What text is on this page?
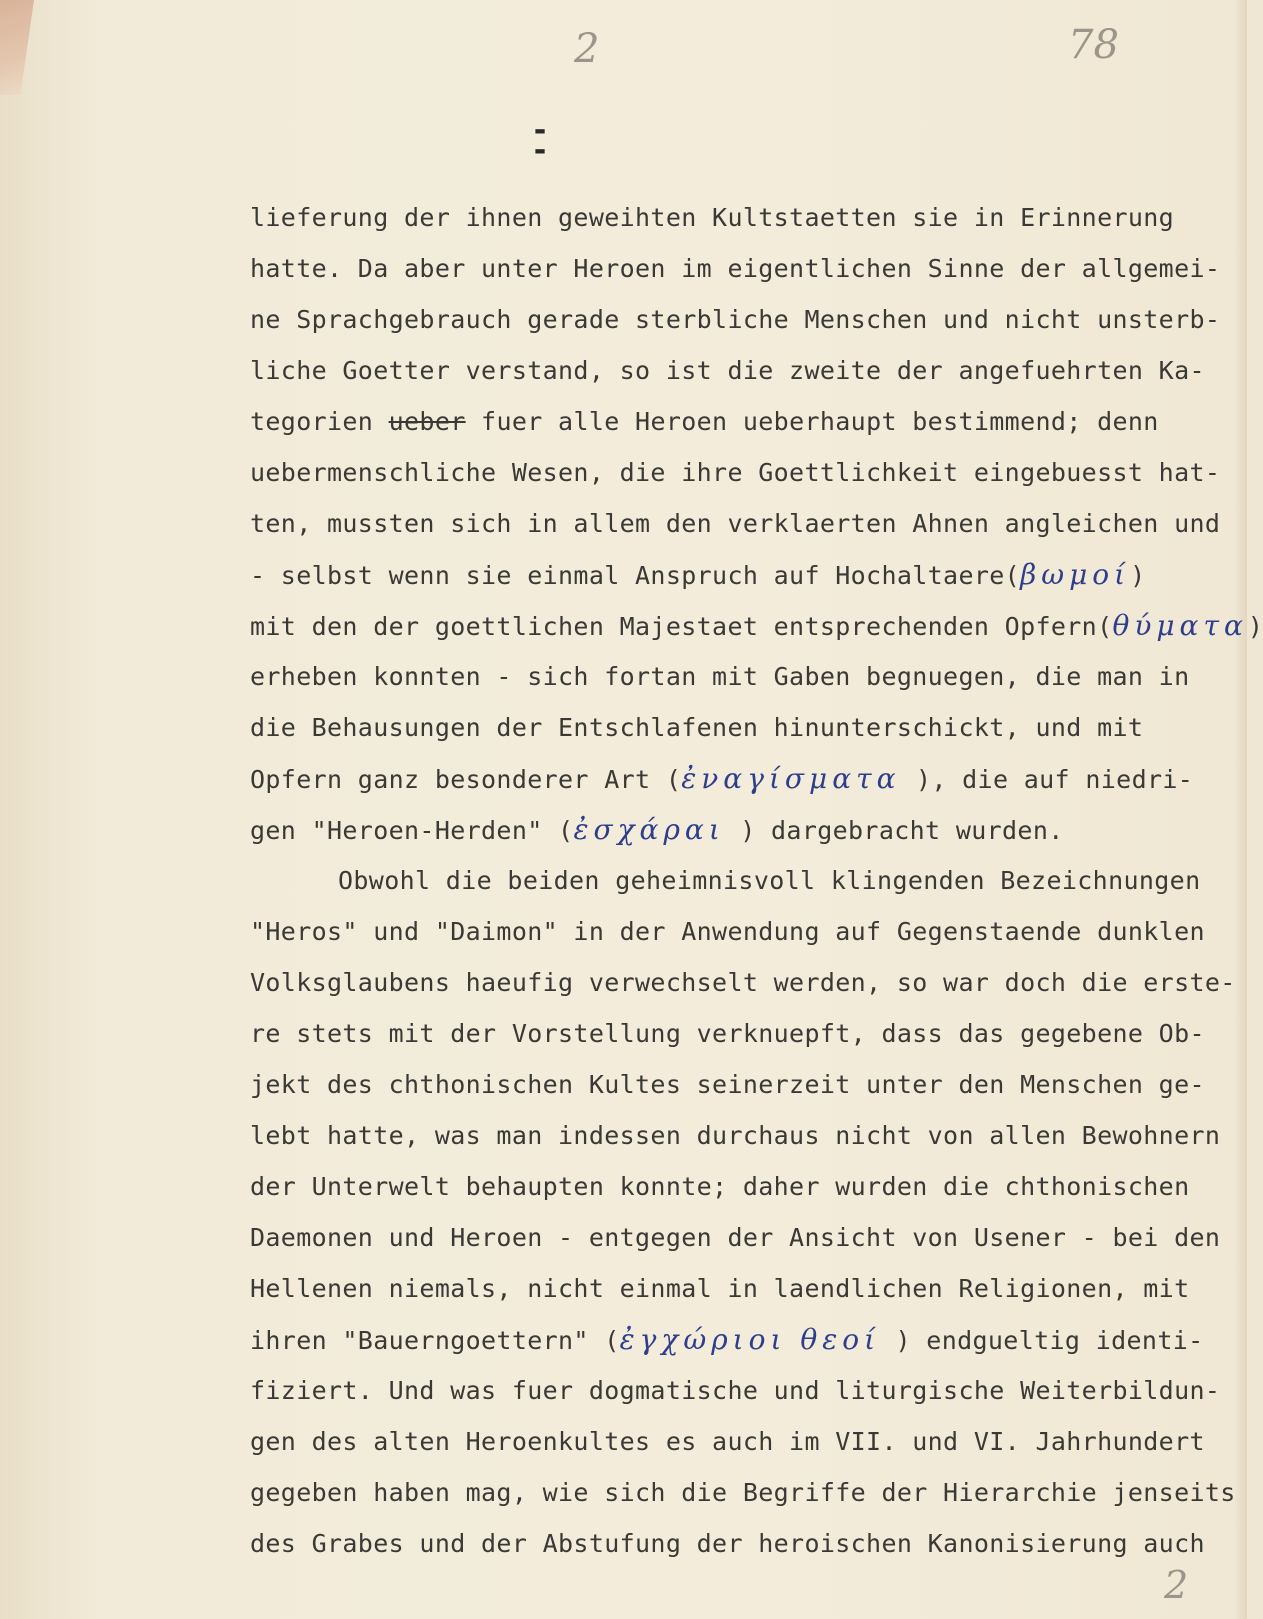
2	78
2
- -
lieferung der ihnen geweihten Kultstaetten sie in Erinnerung
hatte. Da aber unter Heroen im eigentlichen Sinne der allgemei-
ne Sprachgebrauch gerade sterbliche Menschen und nicht unsterb-
liche Goetter verstand, so ist die zweite der angefuehrten Ka-
tegorien ueber fuer alle Heroen ueberhaupt bestimmend; denn
uebermenschliche Wesen, die ihre Goettlichkeit eingebuesst hat-
ten, mussten sich in allem den verklaerten Ahnen angleichen und
- selbst wenn sie einmal Anspruch auf Hochaltaere(βωμοί)
mit den der goettlichen Majestaet entsprechenden Opfern(θύματα)
erheben konnten - sich fortan mit Gaben begnuegen, die man in
die Behausungen der Entschlafenen hinunterschickt, und mit
Opfern ganz besonderer Art (ἐναγίσματα ), die auf niedri-
gen "Heroen-Herden" (ἐσχάραι ) dargebracht wurden.
Obwohl die beiden geheimnisvoll klingenden Bezeichnungen
"Heros" und "Daimon" in der Anwendung auf Gegenstaende dunklen
Volksglaubens haeufig verwechselt werden, so war doch die erste-
re stets mit der Vorstellung verknuepft, dass das gegebene Ob-
jekt des chthonischen Kultes seinerzeit unter den Menschen ge-
lebt hatte, was man indessen durchaus nicht von allen Bewohnern
der Unterwelt behaupten konnte; daher wurden die chthonischen
Daemonen und Heroen - entgegen der Ansicht von Usener - bei den
Hellenen niemals, nicht einmal in laendlichen Religionen, mit
ihren "Bauerngoettern" (ἐγχώριοι θεοί ) endgueltig identi-
fiziert. Und was fuer dogmatische und liturgische Weiterbildun-
gen des alten Heroenkultes es auch im VII. und VI. Jahrhundert
gegeben haben mag, wie sich die Begriffe der Hierarchie jenseits
des Grabes und der Abstufung der heroischen Kanonisierung auch
